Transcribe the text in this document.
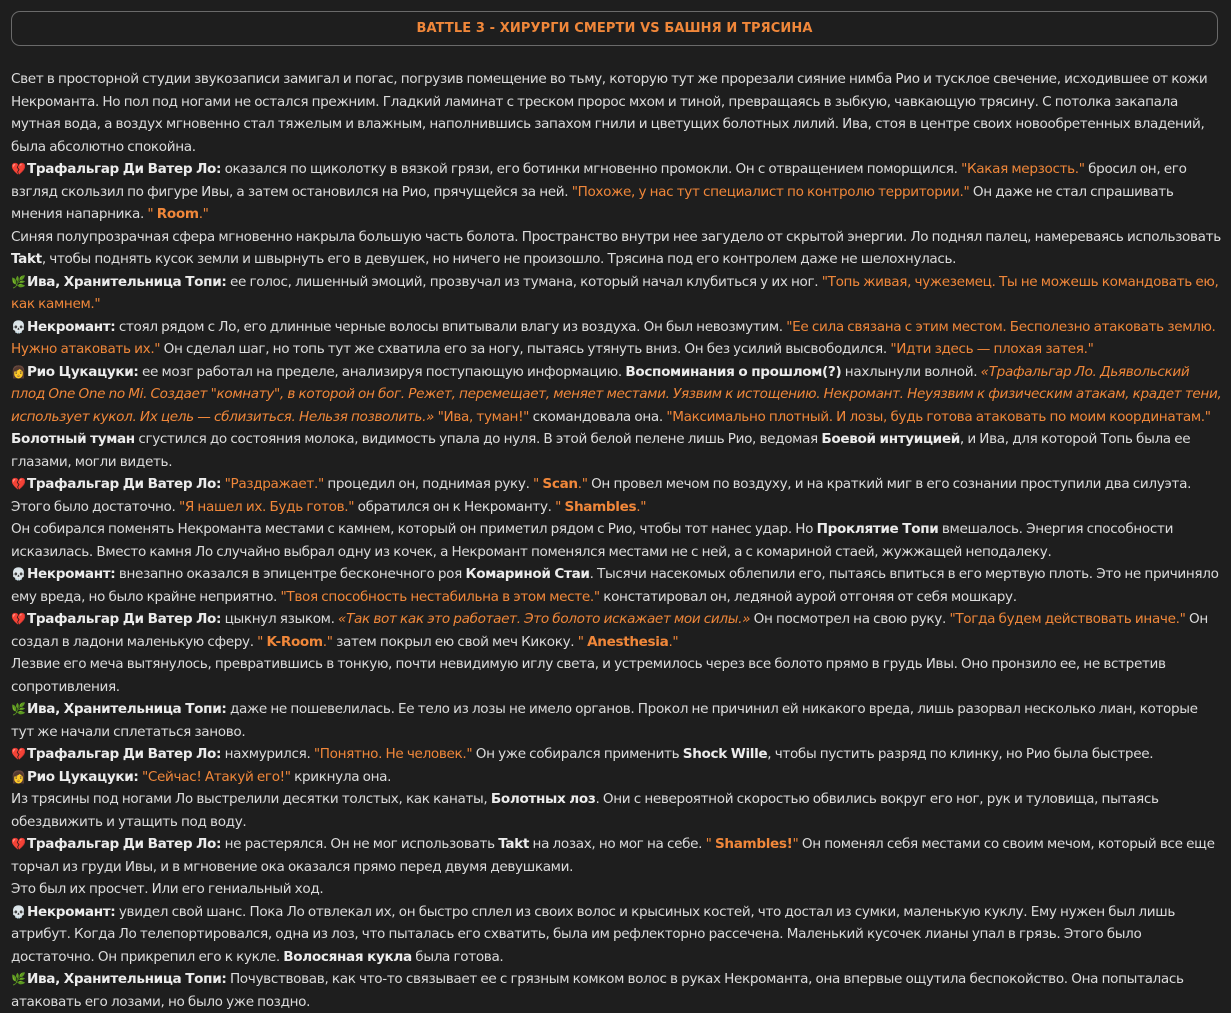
BATTLE 3 - ХИРУРГИ СМЕРТИ VS БАШНЯ И ТРЯСИНА

Свет в просторной студии звукозаписи замигал и погас, погрузив помещение во тьму, которую тут же прорезали сияние нимба Рио и тусклое свечение, исходившее от кожи Некроманта. Но пол под ногами не остался прежним. Гладкий ламинат с треском пророс мхом и тиной, превращаясь в зыбкую, чавкающую трясину. С потолка закапала мутная вода, а воздух мгновенно стал тяжелым и влажным, наполнившись запахом гнили и цветущих болотных лилий. Ива, стоя в центре своих новообретенных владений, была абсолютно спокойна.

💔Трафальгар Ди Ватер Ло: оказался по щиколотку в вязкой грязи, его ботинки мгновенно промокли. Он с отвращением поморщился. "Какая мерзость." бросил он, его взгляд скользил по фигуре Ивы, а затем остановился на Рио, прячущейся за ней. "Похоже, у нас тут специалист по контролю территории." Он даже не стал спрашивать мнения напарника. " Room."

Синяя полупрозрачная сфера мгновенно накрыла большую часть болота. Пространство внутри нее загудело от скрытой энергии. Ло поднял палец, намереваясь использовать Takt, чтобы поднять кусок земли и швырнуть его в девушек, но ничего не произошло. Трясина под его контролем даже не шелохнулась.

🌿Ива, Хранительница Топи: ее голос, лишенный эмоций, прозвучал из тумана, который начал клубиться у их ног. "Топь живая, чужеземец. Ты не можешь командовать ею, как камнем."

💀Некромант: стоял рядом с Ло, его длинные черные волосы впитывали влагу из воздуха. Он был невозмутим. "Ее сила связана с этим местом. Бесполезно атаковать землю. Нужно атаковать их." Он сделал шаг, но топь тут же схватила его за ногу, пытаясь утянуть вниз. Он без усилий высвободился. "Идти здесь — плохая затея."

👩Рио Цукацуки: ее мозг работал на пределе, анализируя поступающую информацию. Воспоминания о прошлом(?) нахлынули волной. «Трафальгар Ло. Дьявольский плод One One no Mi. Создает "комнату", в которой он бог. Режет, перемещает, меняет местами. Уязвим к истощению. Некромант. Неуязвим к физическим атакам, крадет тени, использует кукол. Их цель — сблизиться. Нельзя позволить.» "Ива, туман!" скомандовала она. "Максимально плотный. И лозы, будь готова атаковать по моим координатам."

Болотный туман сгустился до состояния молока, видимость упала до нуля. В этой белой пелене лишь Рио, ведомая Боевой интуицией, и Ива, для которой Топь была ее глазами, могли видеть.

💔Трафальгар Ди Ватер Ло: "Раздражает." процедил он, поднимая руку. " Scan." Он провел мечом по воздуху, и на краткий миг в его сознании проступили два силуэта. Этого было достаточно. "Я нашел их. Будь готов." обратился он к Некроманту. " Shambles."

Он собирался поменять Некроманта местами с камнем, который он приметил рядом с Рио, чтобы тот нанес удар. Но Проклятие Топи вмешалось. Энергия способности исказилась. Вместо камня Ло случайно выбрал одну из кочек, а Некромант поменялся местами не с ней, а с комариной стаей, жужжащей неподалеку.

💀Некромант: внезапно оказался в эпицентре бесконечного роя Комариной Стаи. Тысячи насекомых облепили его, пытаясь впиться в его мертвую плоть. Это не причиняло ему вреда, но было крайне неприятно. "Твоя способность нестабильна в этом месте." констатировал он, ледяной аурой отгоняя от себя мошкару.

💔Трафальгар Ди Ватер Ло: цыкнул языком. «Так вот как это работает. Это болото искажает мои силы.» Он посмотрел на свою руку. "Тогда будем действовать иначе." Он создал в ладони маленькую сферу. " K-Room." затем покрыл ею свой меч Кикоку. " Anesthesia."

Лезвие его меча вытянулось, превратившись в тонкую, почти невидимую иглу света, и устремилось через все болото прямо в грудь Ивы. Оно пронзило ее, не встретив сопротивления.

🌿Ива, Хранительница Топи: даже не пошевелилась. Ее тело из лозы не имело органов. Прокол не причинил ей никакого вреда, лишь разорвал несколько лиан, которые тут же начали сплетаться заново.

💔Трафальгар Ди Ватер Ло: нахмурился. "Понятно. Не человек." Он уже собирался применить Shock Wille, чтобы пустить разряд по клинку, но Рио была быстрее.

👩Рио Цукацуки: "Сейчас! Атакуй его!" крикнула она.

Из трясины под ногами Ло выстрелили десятки толстых, как канаты, Болотных лоз. Они с невероятной скоростью обвились вокруг его ног, рук и туловища, пытаясь обездвижить и утащить под воду.

💔Трафальгар Ди Ватер Ло: не растерялся. Он не мог использовать Takt на лозах, но мог на себе. " Shambles!" Он поменял себя местами со своим мечом, который все еще торчал из груди Ивы, и в мгновение ока оказался прямо перед двумя девушками.

Это был их просчет. Или его гениальный ход.

💀Некромант: увидел свой шанс. Пока Ло отвлекал их, он быстро сплел из своих волос и крысиных костей, что достал из сумки, маленькую куклу. Ему нужен был лишь атрибут. Когда Ло телепортировался, одна из лоз, что пыталась его схватить, была им рефлекторно рассечена. Маленький кусочек лианы упал в грязь. Этого было достаточно. Он прикрепил его к кукле. Волосяная кукла была готова.

🌿Ива, Хранительница Топи: Почувствовав, как что-то связывает ее с грязным комком волос в руках Некроманта, она впервые ощутила беспокойство. Она попыталась атаковать его лозами, но было уже поздно.
